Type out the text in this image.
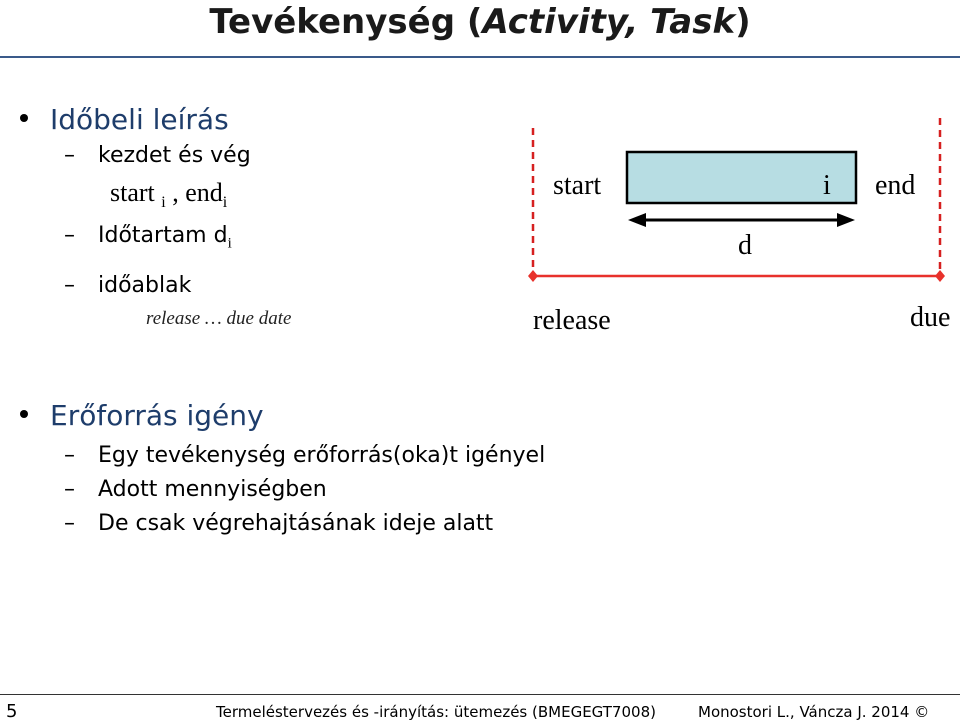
Tevékenység (Activity, Task)
Időbeli leírás
– kezdet és vég
start $_i$ , end$_i$
– Időtartam $d_i$
– időablak
release … due date
start	i end
d
release	due
Erőforrás igény
– Egy tevékenység erőforrás(oka)t igényel
– Adott mennyiségben
– De csak végrehajtásának ideje alatt
5	Termeléstervezés és -irányítás: ütemezés (BMEGEGT7008)	Monostori L., Váncza J. 2014 ©
